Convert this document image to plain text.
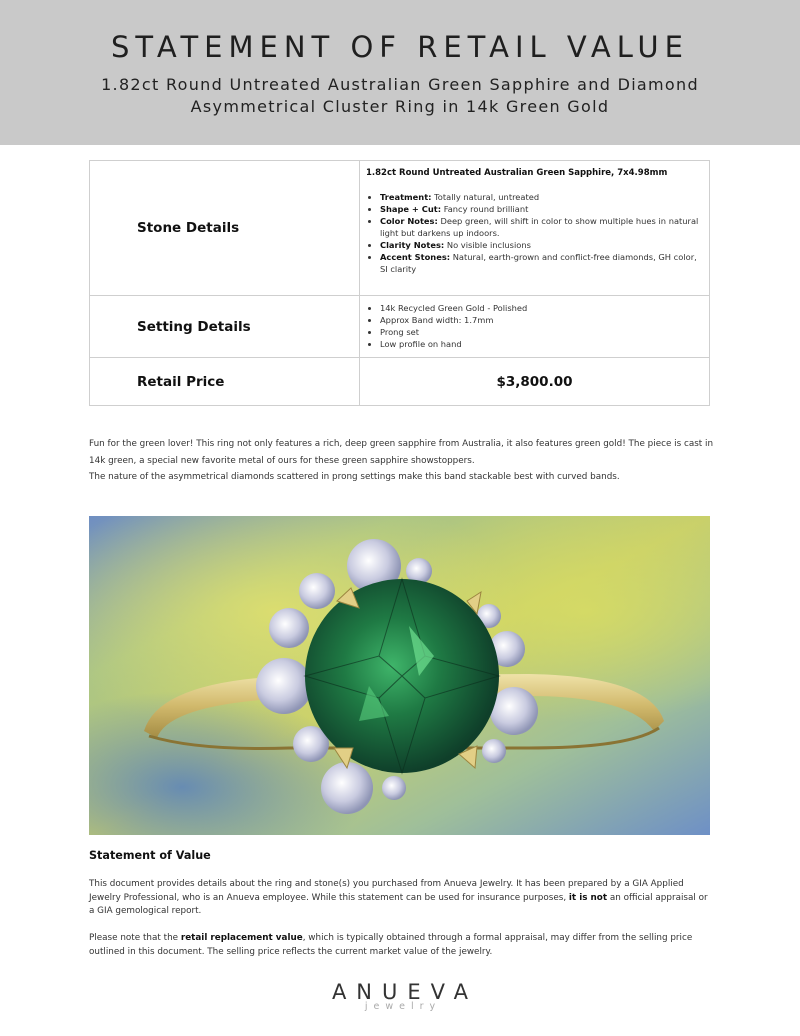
STATEMENT OF RETAIL VALUE
1.82ct Round Untreated Australian Green Sapphire and Diamond Asymmetrical Cluster Ring in 14k Green Gold
Stone Details
1.82ct Round Untreated Australian Green Sapphire, 7x4.98mm
• Treatment: Totally natural, untreated
• Shape + Cut: Fancy round brilliant
• Color Notes: Deep green, will shift in color to show multiple hues in natural light but darkens up indoors.
• Clarity Notes: No visible inclusions
• Accent Stones: Natural, earth-grown and conflict-free diamonds, GH color, SI clarity
Setting Details
• 14k Recycled Green Gold - Polished
• Approx Band width: 1.7mm
• Prong set
• Low profile on hand
Retail Price	$3,800.00

Fun for the green lover! This ring not only features a rich, deep green sapphire from Australia, it also features green gold! The piece is cast in 14k green, a special new favorite metal of ours for these green sapphire showstoppers.

The nature of the asymmetrical diamonds scattered in prong settings make this band stackable best with curved bands.

Statement of Value
This document provides details about the ring and stone(s) you purchased from Anueva Jewelry. It has been prepared by a GIA Applied Jewelry Professional, who is an Anueva employee. While this statement can be used for insurance purposes, it is not an official appraisal or a GIA gemological report.
Please note that the retail replacement value, which is typically obtained through a formal appraisal, may differ from the selling price outlined in this document. The selling price reflects the current market value of the jewelry.
ANUEVA
jewelry
